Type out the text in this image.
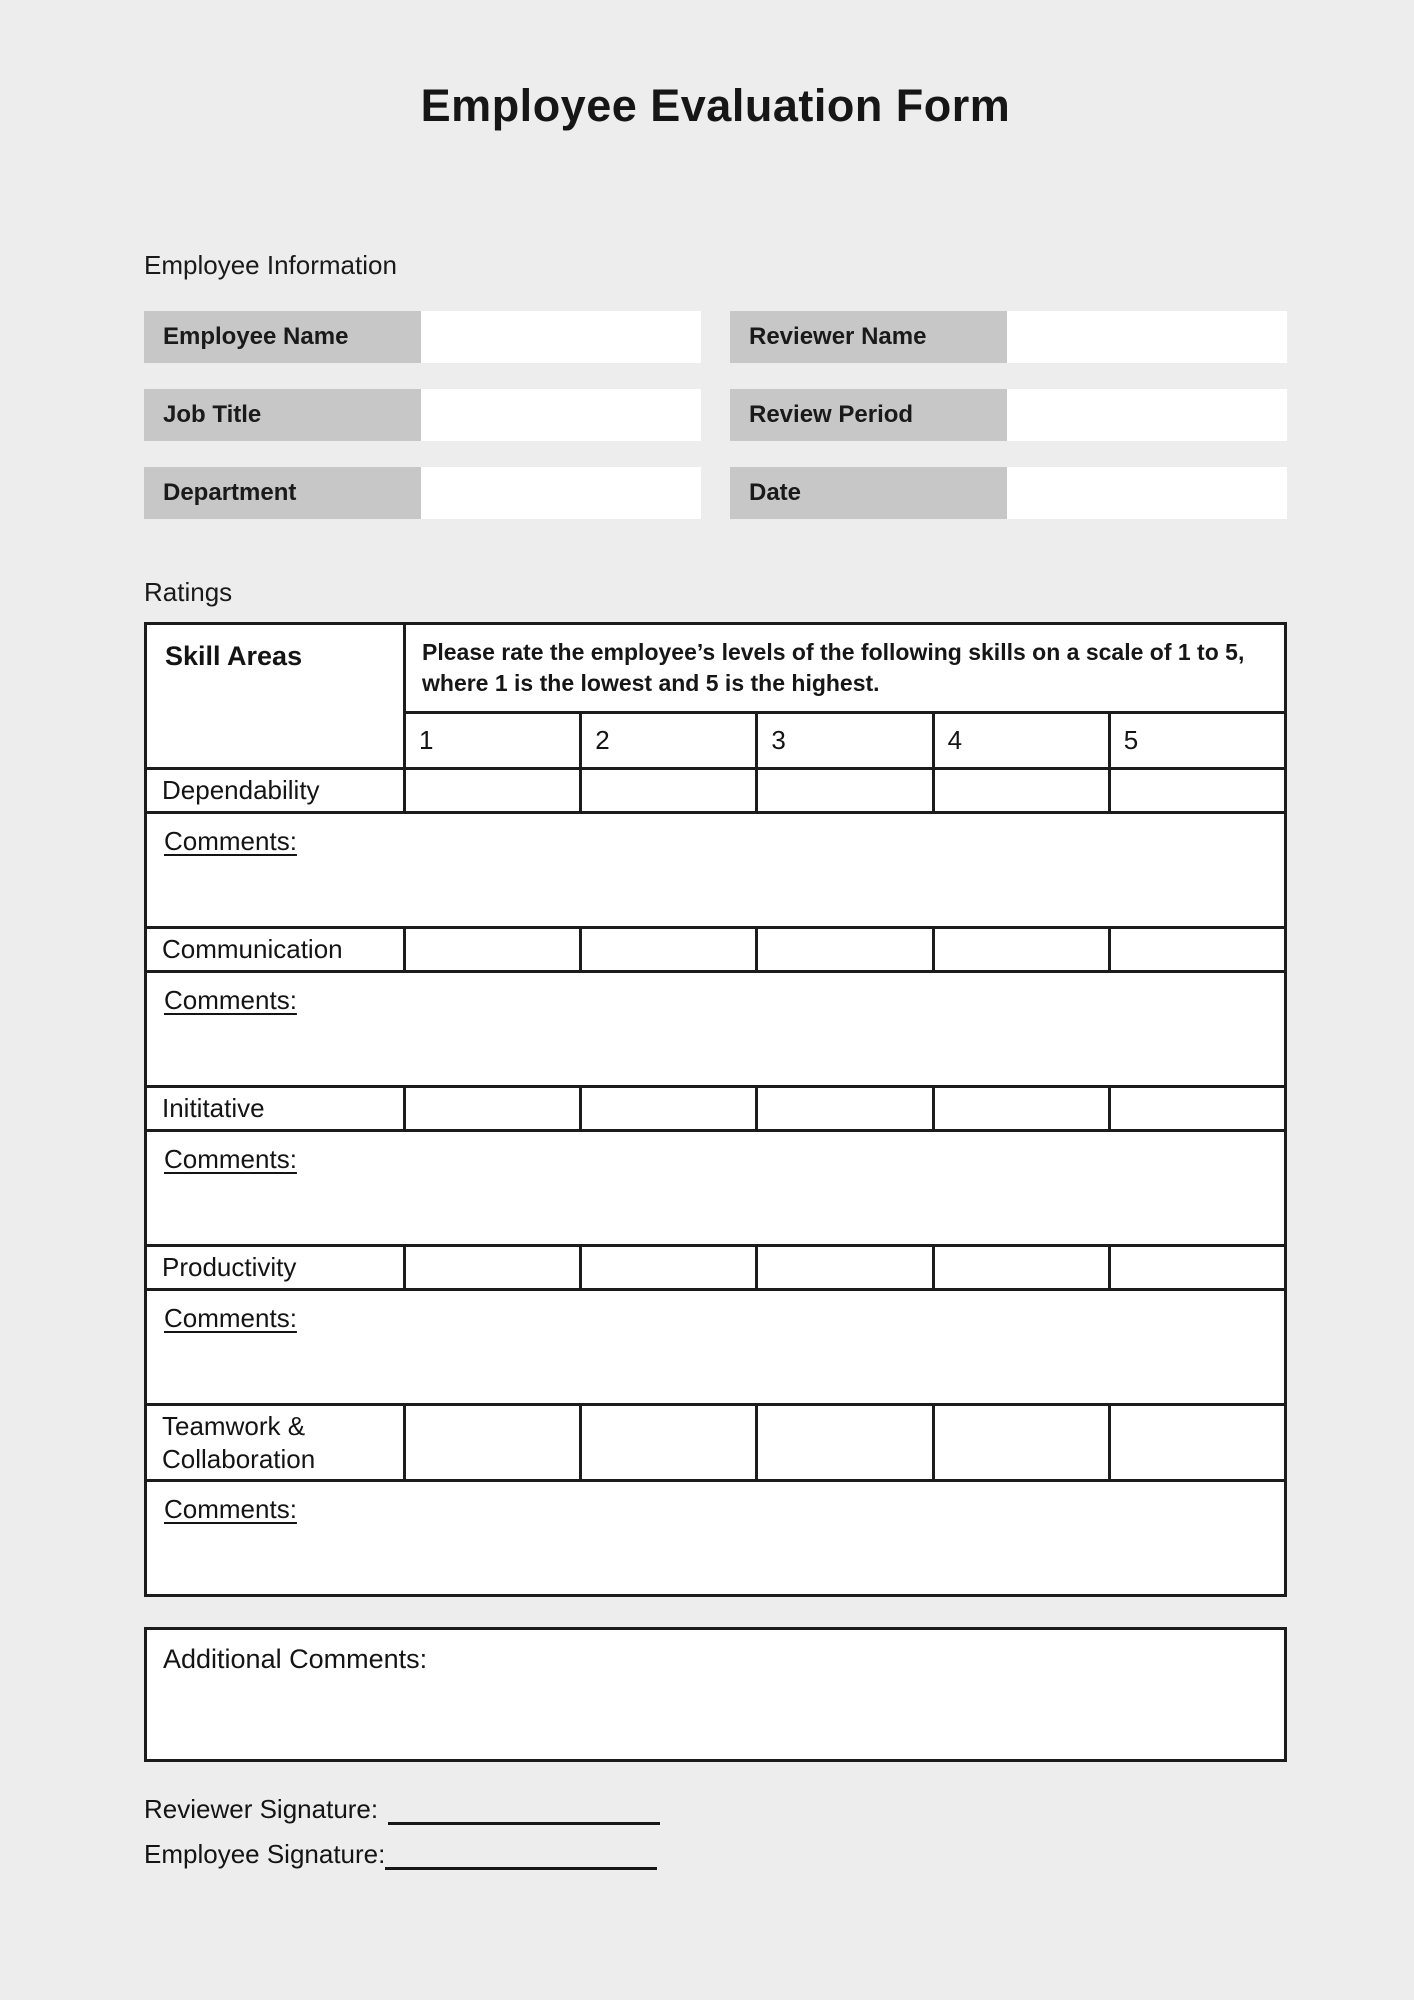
Employee Evaluation Form
Employee Information
Employee Name	Reviewer Name
Job Title	Review Period
Department	Date
Ratings
Skill Areas	Please rate the employee’s levels of the following skills on a scale of 1 to 5, where 1 is the lowest and 5 is the highest.				
	1	2	3	4	5
Dependability					
Comments:					
Communication					
Comments:					
Inititative					
Comments:					
Productivity					
Comments:					
Teamwork & Collaboration					
Comments:					
Additional Comments:
Reviewer Signature:
Employee Signature:
